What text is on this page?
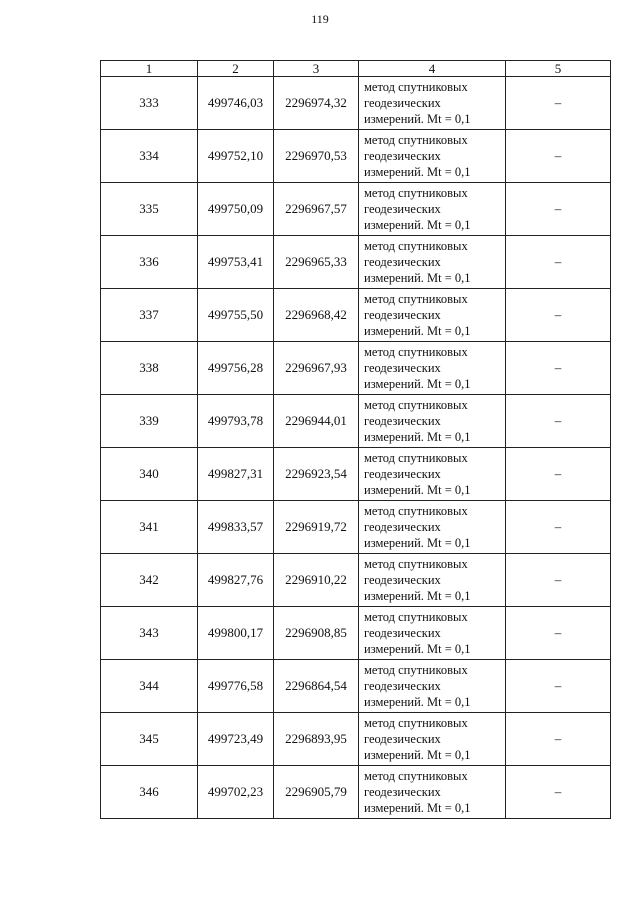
119
1	2	3	4	5
333	499746,03	2296974,32	метод спутниковых
геодезических
измерений. Mt = 0,1	–
334	499752,10	2296970,53	метод спутниковых
геодезических
измерений. Mt = 0,1	–
335	499750,09	2296967,57	метод спутниковых
геодезических
измерений. Mt = 0,1	–
336	499753,41	2296965,33	метод спутниковых
геодезических
измерений. Mt = 0,1	–
337	499755,50	2296968,42	метод спутниковых
геодезических
измерений. Mt = 0,1	–
338	499756,28	2296967,93	метод спутниковых
геодезических
измерений. Mt = 0,1	–
339	499793,78	2296944,01	метод спутниковых
геодезических
измерений. Mt = 0,1	–
340	499827,31	2296923,54	метод спутниковых
геодезических
измерений. Mt = 0,1	–
341	499833,57	2296919,72	метод спутниковых
геодезических
измерений. Mt = 0,1	–
342	499827,76	2296910,22	метод спутниковых
геодезических
измерений. Mt = 0,1	–
343	499800,17	2296908,85	метод спутниковых
геодезических
измерений. Mt = 0,1	–
344	499776,58	2296864,54	метод спутниковых
геодезических
измерений. Mt = 0,1	–
345	499723,49	2296893,95	метод спутниковых
геодезических
измерений. Mt = 0,1	–
346	499702,23	2296905,79	метод спутниковых
геодезических
измерений. Mt = 0,1	–
